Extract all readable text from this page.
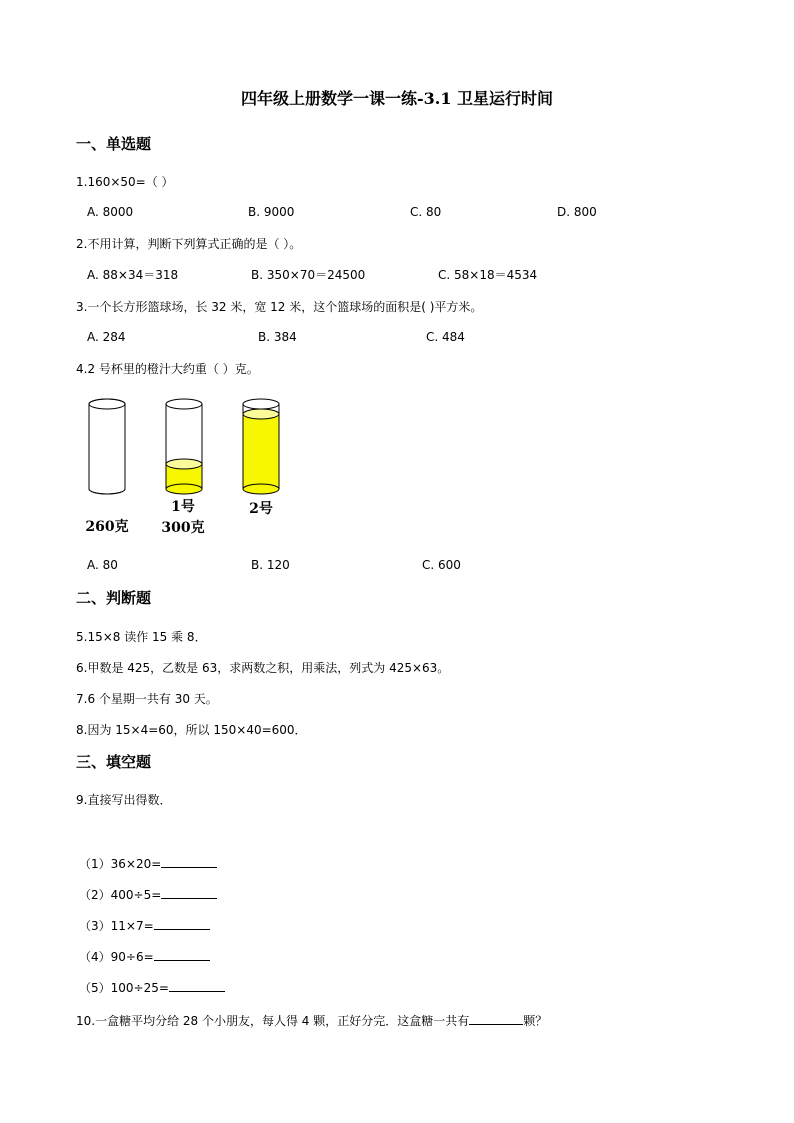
四年级上册数学一课一练-3.1 卫星运行时间
一、单选题
1.160×50=（ ）
A. 8000	B. 9000	C. 80	D. 800
2.不用计算，判断下列算式正确的是（ ）。
A. 88×34＝318	B. 350×70＝24500	C. 58×18＝4534
3.一个长方形篮球场，长 32 米，宽 12 米，这个篮球场的面积是( )平方米。
A. 284	B. 384	C. 484
4.2 号杯里的橙汁大约重（ ）克。
260克
1号
300克
2号
A. 80	B. 120	C. 600
二、判断题
5.15×8 读作 15 乘 8．
6.甲数是 425，乙数是 63，求两数之积，用乘法，列式为 425×63。
7.6 个星期一共有 30 天。
8.因为 15×4=60，所以 150×40=600．
三、填空题
9.直接写出得数．
（1）36×20=
（2）400÷5=
（3）11×7=
（4）90÷6=
（5）100÷25=
10.一盒糖平均分给 28 个小朋友，每人得 4 颗，正好分完．这盒糖一共有	颗？
